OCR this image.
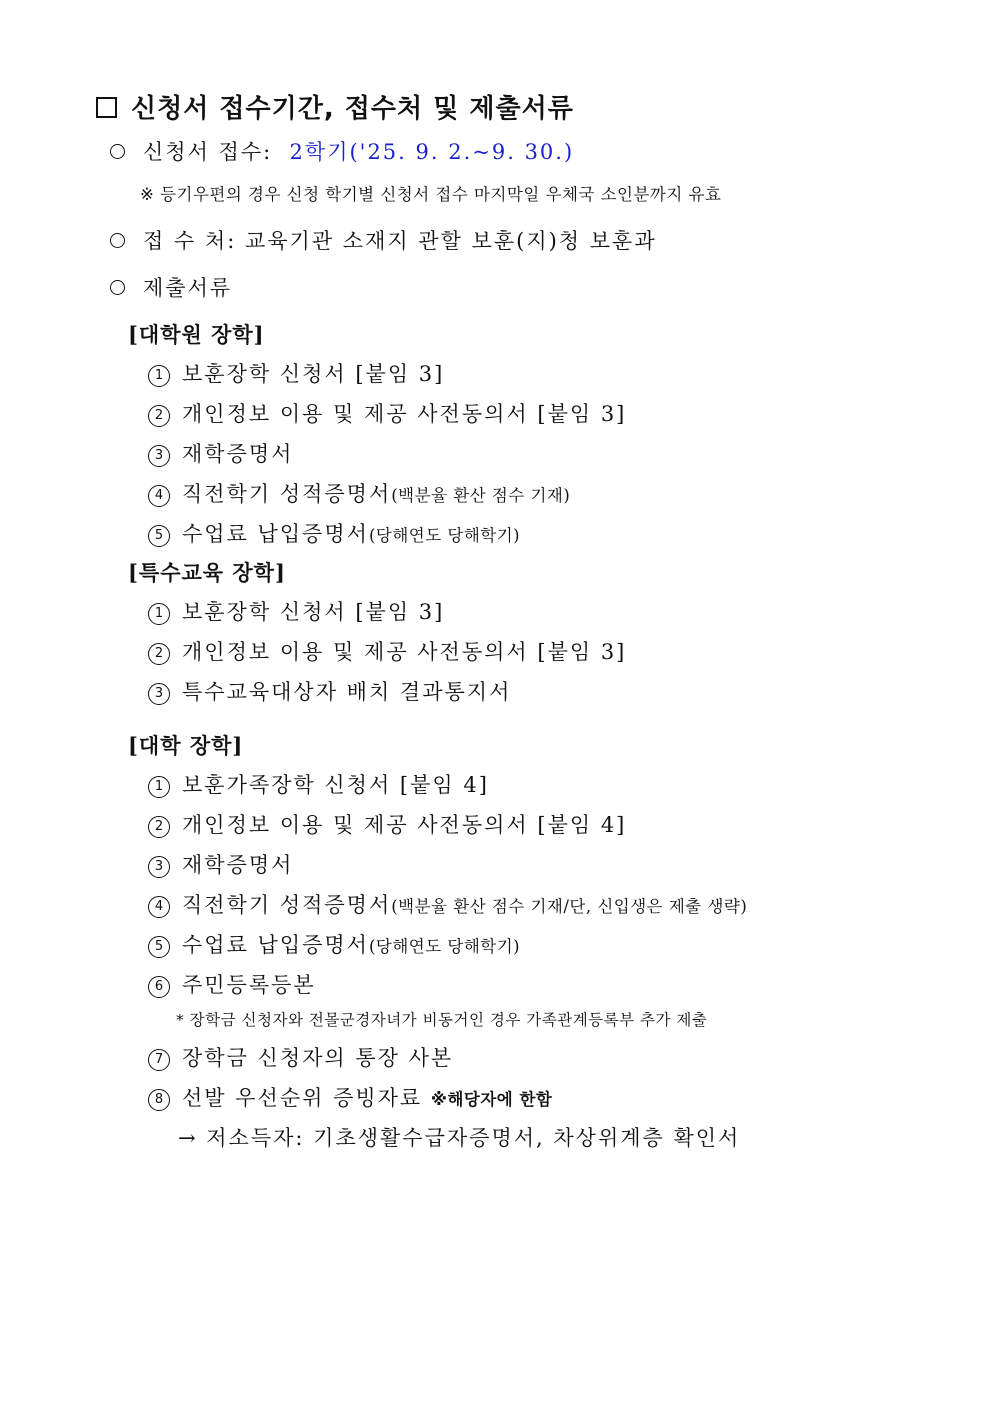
신청서 접수기간, 접수처 및 제출서류
신청서 접수: 2학기('25. 9. 2.~9. 30.)
※ 등기우편의 경우 신청 학기별 신청서 접수 마지막일 우체국 소인분까지 유효
접 수 처: 교육기관 소재지 관할 보훈(지)청 보훈과
제출서류
[대학원 장학]
1 보훈장학 신청서 [붙임 3]
2 개인정보 이용 및 제공 사전동의서 [붙임 3]
3 재학증명서
4 직전학기 성적증명서(백분율 환산 점수 기재)
5 수업료 납입증명서(당해연도 당해학기)
[특수교육 장학]
1 보훈장학 신청서 [붙임 3]
2 개인정보 이용 및 제공 사전동의서 [붙임 3]
3 특수교육대상자 배치 결과통지서
[대학 장학]
1 보훈가족장학 신청서 [붙임 4]
2 개인정보 이용 및 제공 사전동의서 [붙임 4]
3 재학증명서
4 직전학기 성적증명서(백분율 환산 점수 기재/단, 신입생은 제출 생략)
5 수업료 납입증명서(당해연도 당해학기)
6 주민등록등본
* 장학금 신청자와 전몰군경자녀가 비동거인 경우 가족관계등록부 추가 제출
7 장학금 신청자의 통장 사본
8 선발 우선순위 증빙자료 ※해당자에 한함
→ 저소득자: 기초생활수급자증명서, 차상위계층 확인서
